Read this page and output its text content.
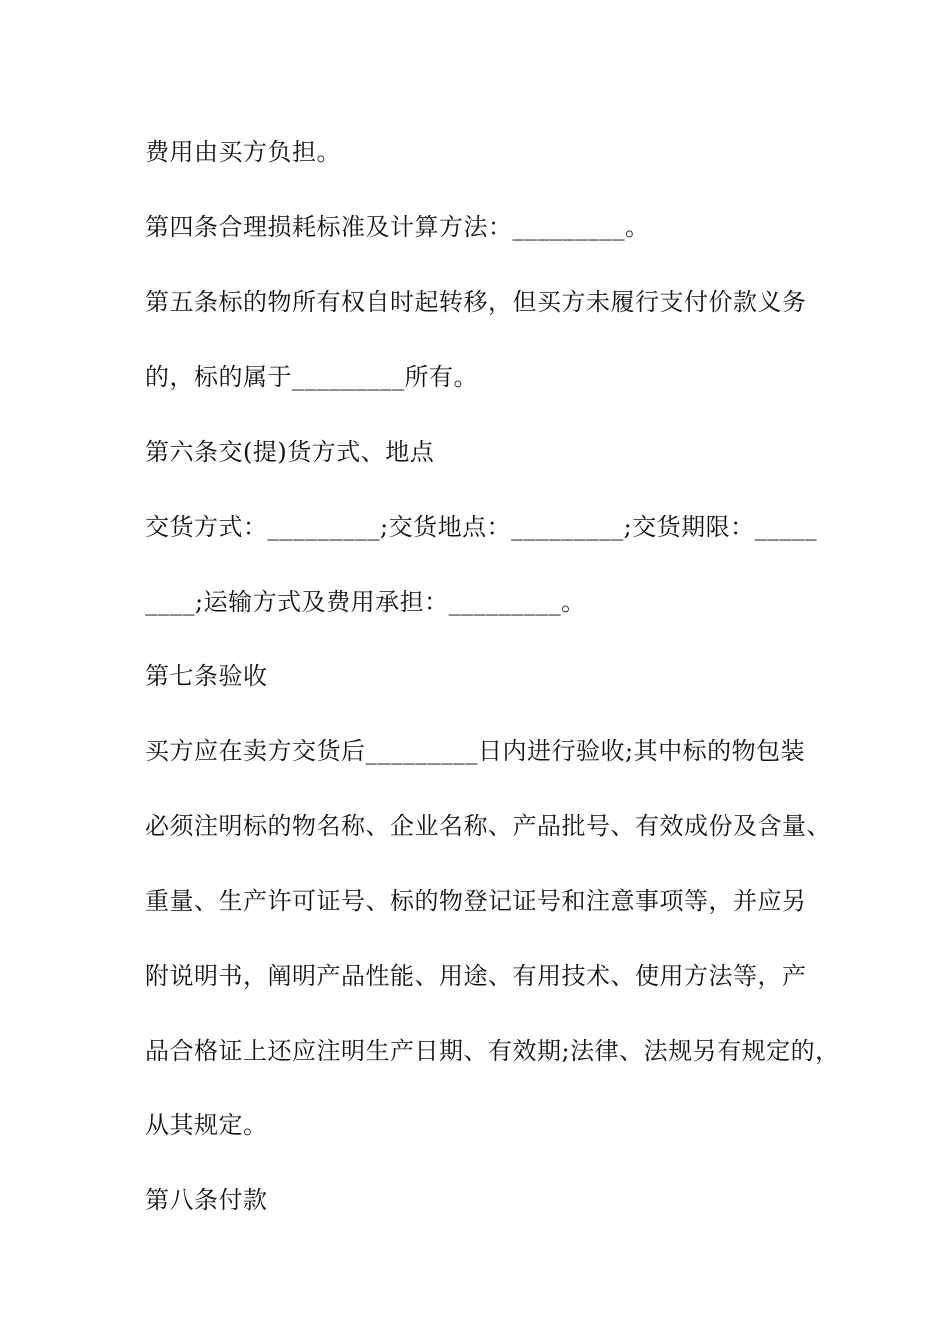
费用由买方负担。
第四条合理损耗标准及计算方法：_________。
第五条标的物所有权自时起转移，但买方未履行支付价款义务
的，标的属于_________所有。
第六条交(提)货方式、地点
交货方式：_________;交货地点：_________;交货期限：_____
____;运输方式及费用承担：_________。
第七条验收
买方应在卖方交货后_________日内进行验收;其中标的物包装
必须注明标的物名称、企业名称、产品批号、有效成份及含量、
重量、生产许可证号、标的物登记证号和注意事项等，并应另
附说明书，阐明产品性能、用途、有用技术、使用方法等，产
品合格证上还应注明生产日期、有效期;法律、法规另有规定的，
从其规定。
第八条付款
